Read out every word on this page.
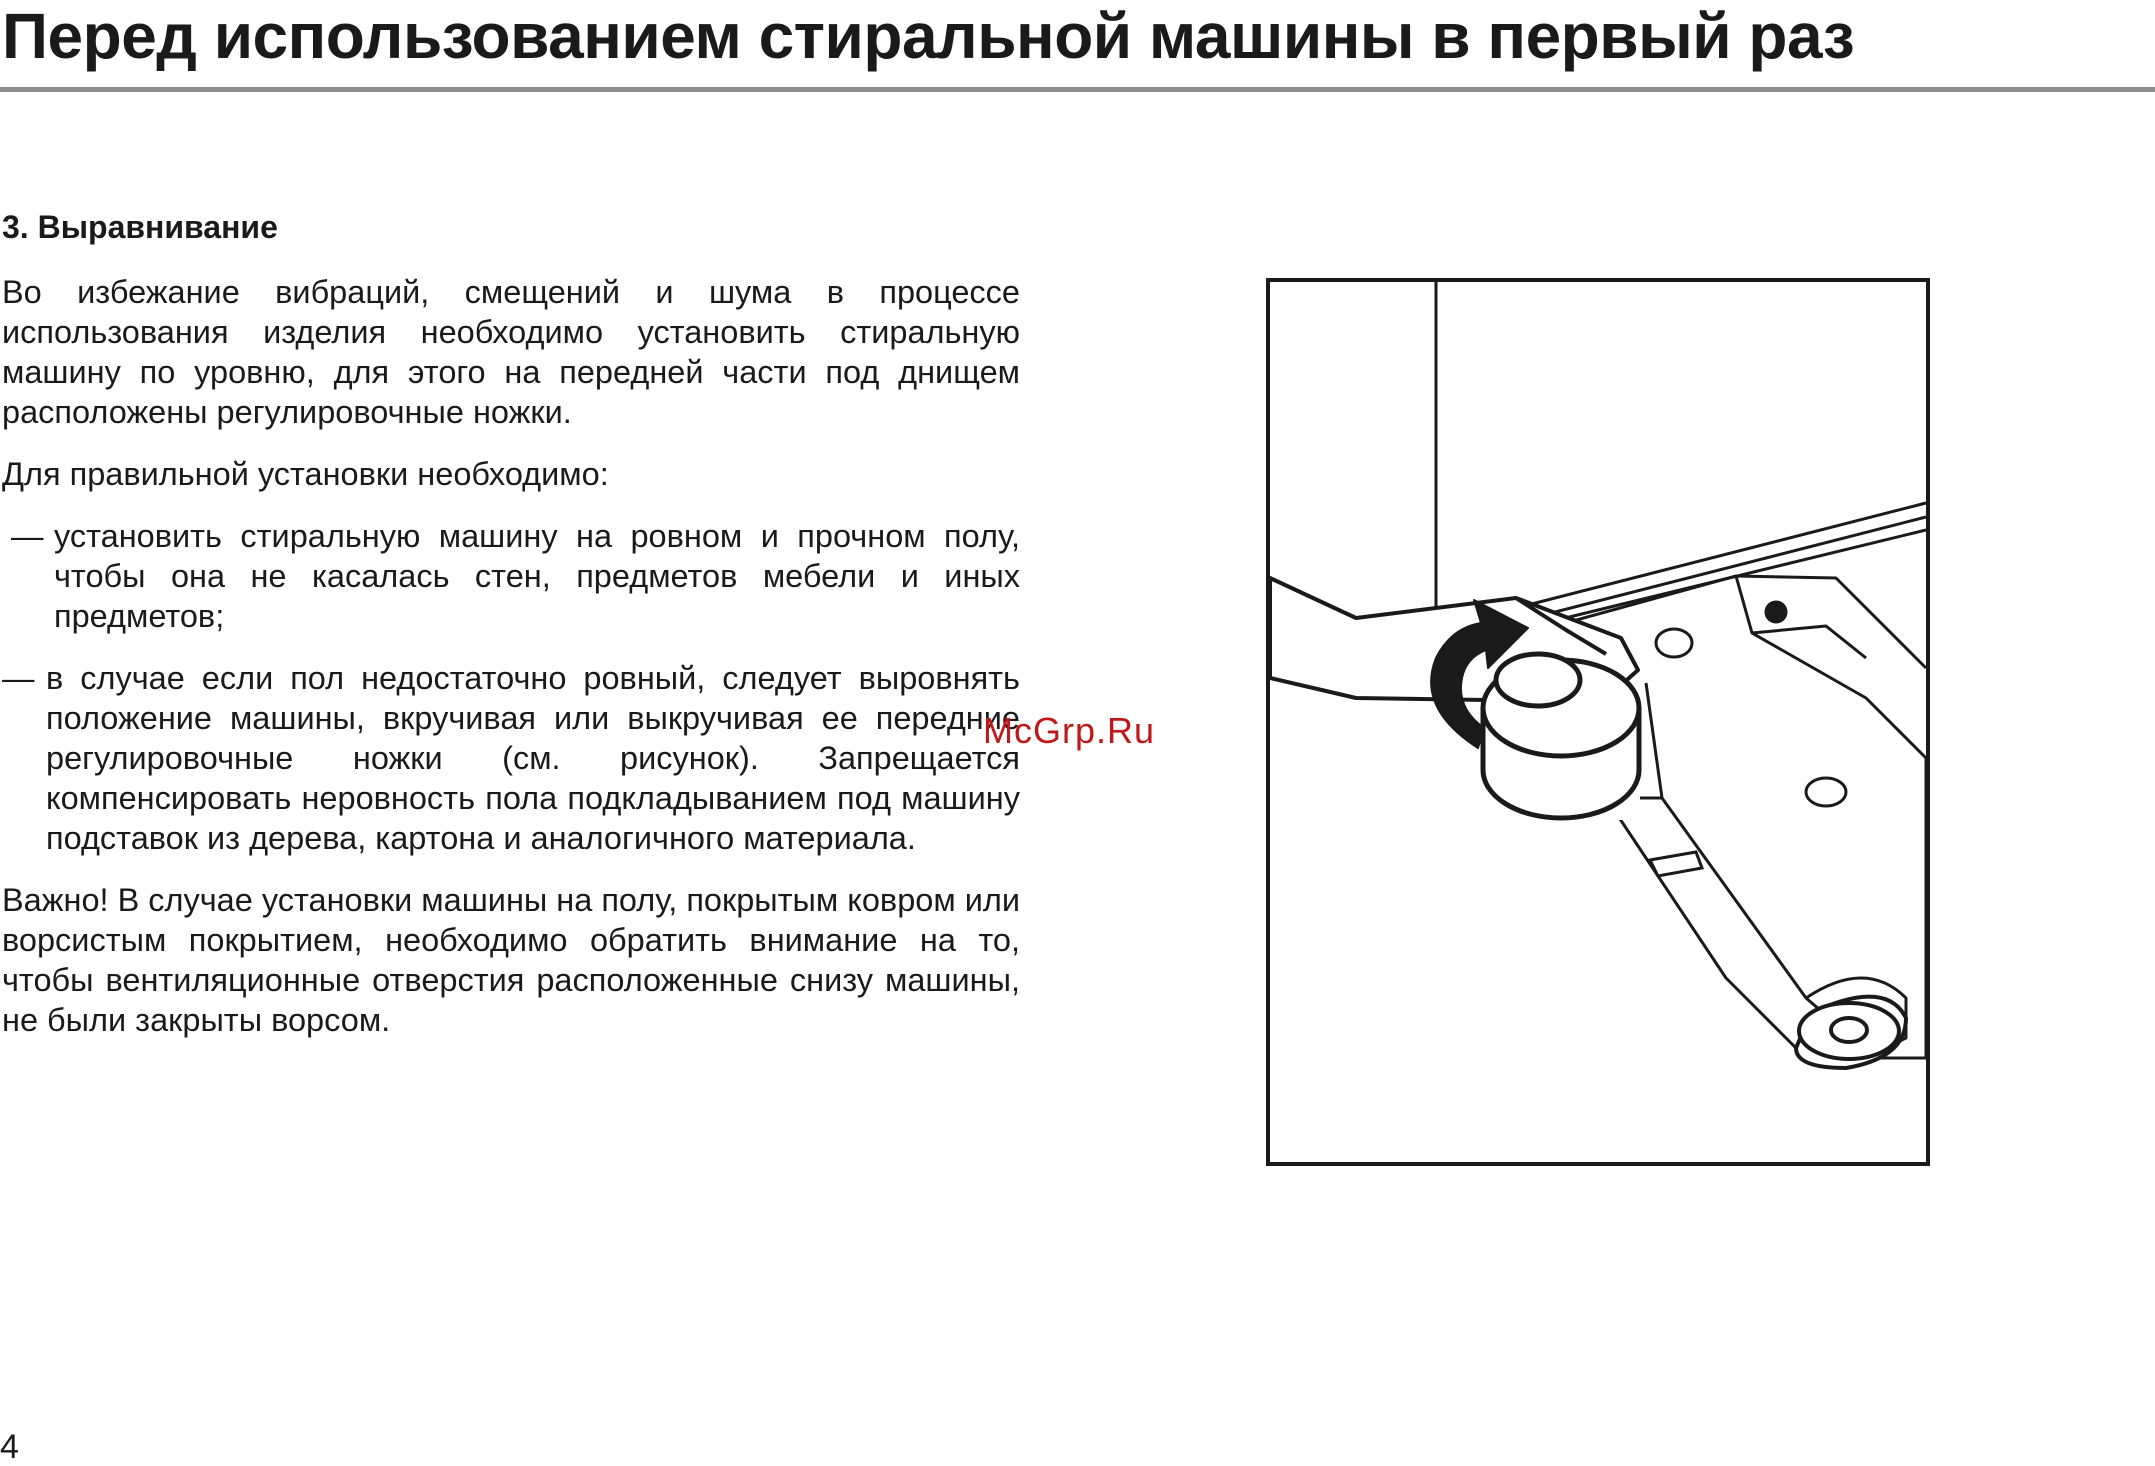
Перед использованием стиральной машины в первый раз
3. Выравнивание

Во избежание вибраций, смещений и шума в процессе использования изделия необходимо установить стиральную машину по уровню, для этого на передней части под днищем расположены регулировочные ножки.

Для правильной установки необходимо:

— установить стиральную машину на ровном и прочном полу, чтобы она не касалась стен, предметов мебели и иных предметов;
— в случае если пол недостаточно ровный, следует выровнять положение машины, вкручивая или выкручивая ее передние регулировочные ножки (см. рисунок). Запрещается компенсировать неровность пола подкладыванием под машину подставок из дерева, картона и аналогичного материала.

Важно! В случае установки машины на полу, покрытым ковром или ворсистым покрытием, необходимо обратить внимание на то, чтобы вентиляционные отверстия расположенные снизу машины, не были закрыты ворсом.

McGrp.Ru
4
